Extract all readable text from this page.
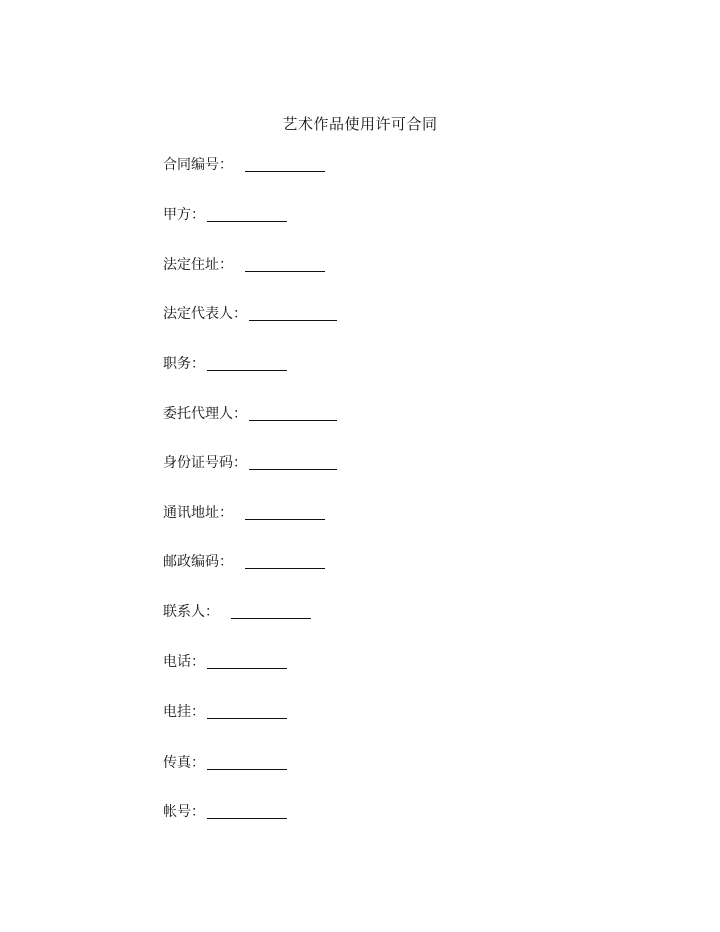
艺术作品使用许可合同
合同编号 ：
甲方 ：
法定住址 ：
法定代表人 ：
职务 ：
委托代理人 ：
身份证号码 ：
通讯地址 ：
邮政编码 ：
联系人 ：
电话 ：
电挂 ：
传真 ：
帐号 ：
